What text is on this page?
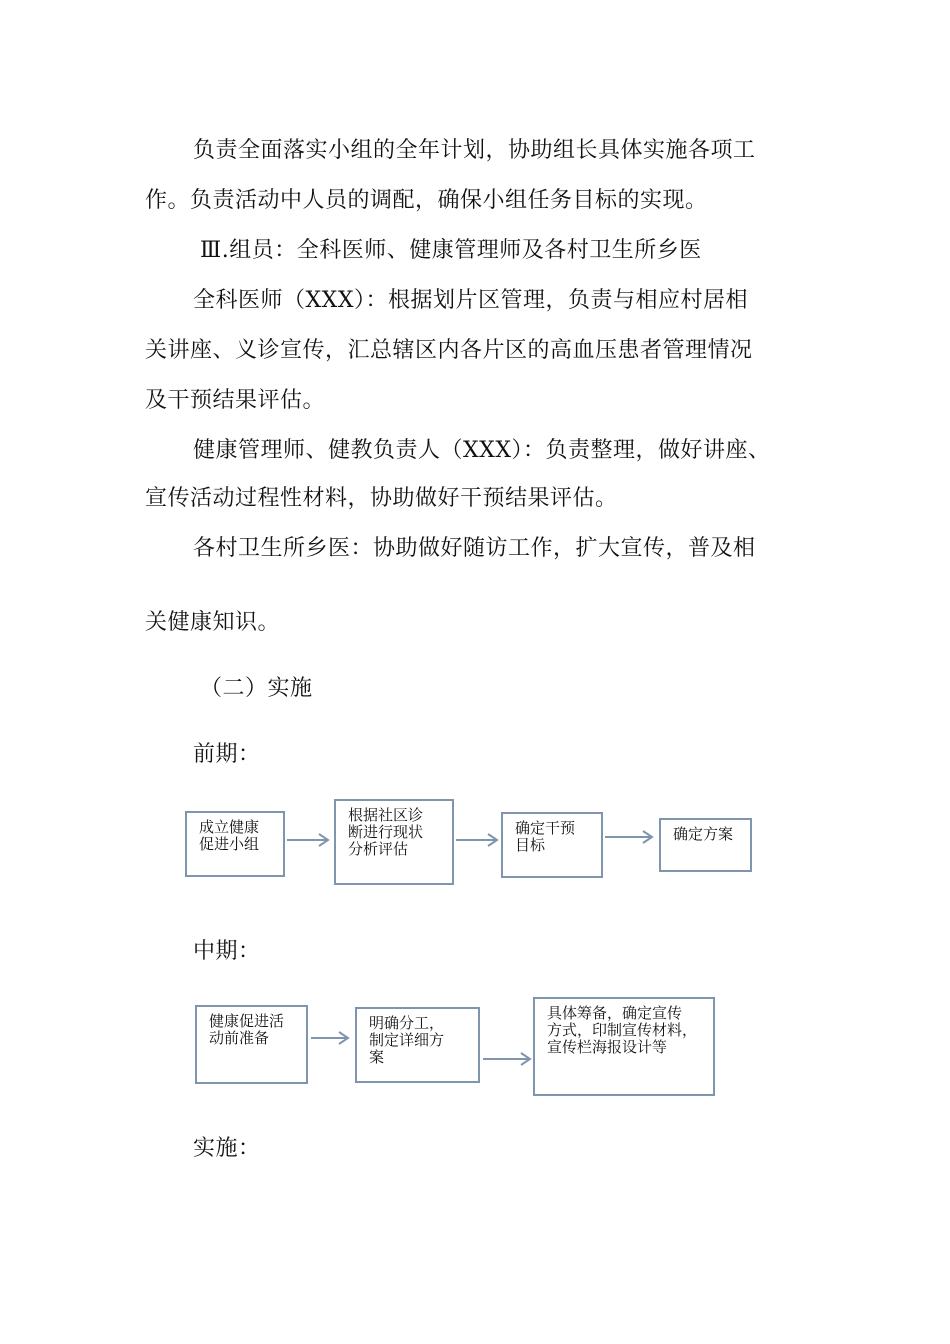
负责全面落实小组的全年计划，协助组长具体实施各项工
作。负责活动中人员的调配，确保小组任务目标的实现。
Ⅲ.组员：全科医师、健康管理师及各村卫生所乡医
全科医师（XXX）：根据划片区管理，负责与相应村居相
关讲座、义诊宣传，汇总辖区内各片区的高血压患者管理情况
及干预结果评估。
健康管理师、健教负责人（XXX）：负责整理，做好讲座、
宣传活动过程性材料，协助做好干预结果评估。
各村卫生所乡医：协助做好随访工作，扩大宣传，普及相
关健康知识。
（二）实施
前期：
成立健康
促进小组
根据社区诊
断进行现状
分析评估
确定干预
目标
确定方案
中期：
健康促进活
动前准备
明确分工，
制定详细方
案
具体筹备，确定宣传
方式，印制宣传材料，
宣传栏海报设计等
实施：
